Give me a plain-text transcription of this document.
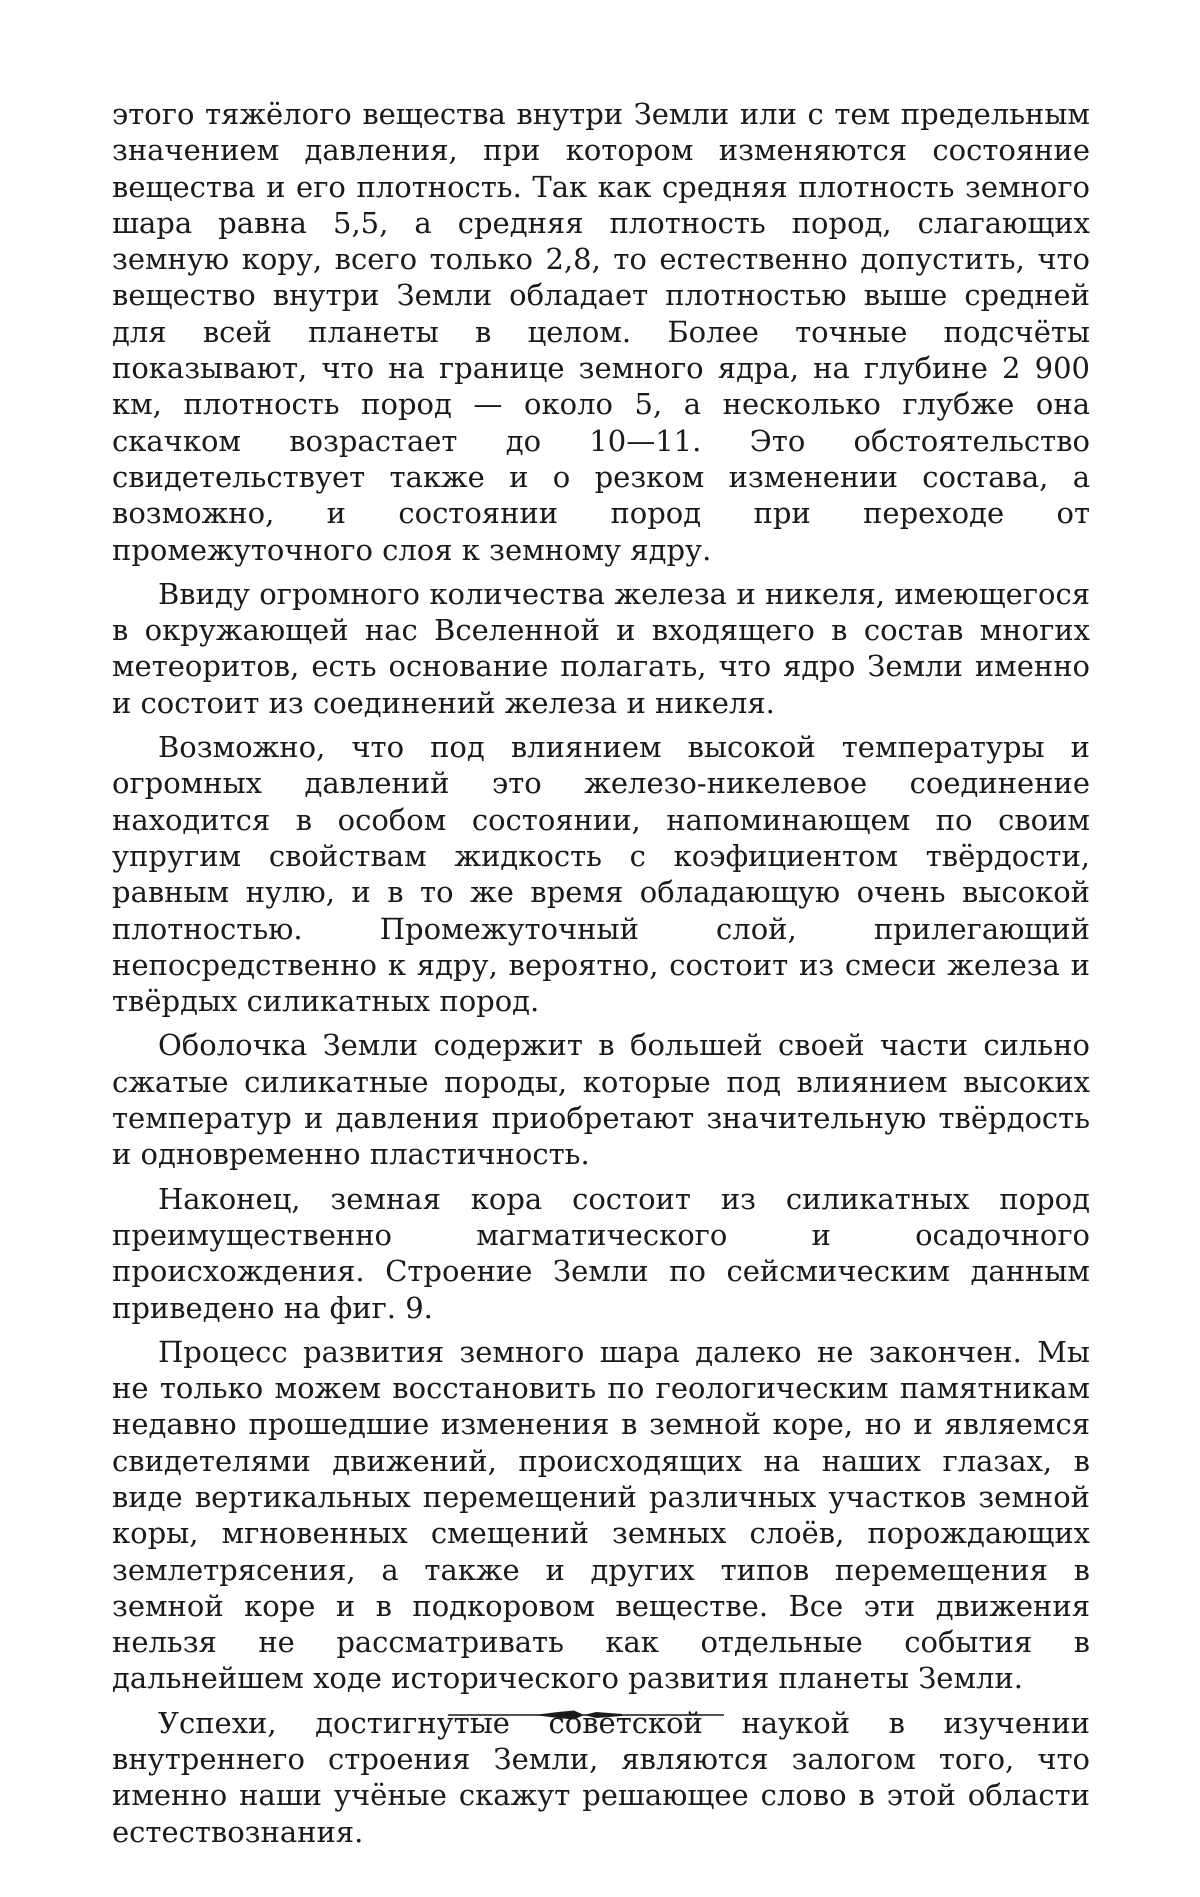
этого тяжёлого вещества внутри Земли или с тем предельным значением давления, при котором изменяются состояние вещества и его плотность. Так как средняя плотность земного шара равна 5,5, а средняя плотность пород, слагающих земную кору, всего только 2,8, то естественно допустить, что вещество внутри Земли обладает плотностью выше средней для всей планеты в целом. Более точные подсчёты показывают, что на границе земного ядра, на глубине 2 900 км, плотность пород — около 5, а несколько глубже она скачком возрастает до 10—11. Это обстоятельство свидетельствует также и о резком изменении состава, а возможно, и состоянии пород при переходе от промежуточного слоя к земному ядру.

Ввиду огромного количества железа и никеля, имеющегося в окружающей нас Вселенной и входящего в состав многих метеоритов, есть основание полагать, что ядро Земли именно и состоит из соединений железа и никеля.

Возможно, что под влиянием высокой температуры и огромных давлений это железо-никелевое соединение находится в особом состоянии, напоминающем по своим упругим свойствам жидкость с коэфициентом твёрдости, равным нулю, и в то же время обладающую очень высокой плотностью. Промежуточный слой, прилегающий непосредственно к ядру, вероятно, состоит из смеси железа и твёрдых силикатных пород.

Оболочка Земли содержит в большей своей части сильно сжатые силикатные породы, которые под влиянием высоких температур и давления приобретают значительную твёрдость и одновременно пластичность.

Наконец, земная кора состоит из силикатных пород преимущественно магматического и осадочного происхождения. Строение Земли по сейсмическим данным приведено на фиг. 9.

Процесс развития земного шара далеко не закончен. Мы не только можем восстановить по геологическим памятникам недавно прошедшие изменения в земной коре, но и являемся свидетелями движений, происходящих на наших глазах, в виде вертикальных перемещений различных участков земной коры, мгновенных смещений земных слоёв, порождающих землетрясения, а также и других типов перемещения в земной коре и в подкоровом веществе. Все эти движения нельзя не рассматривать как отдельные события в дальнейшем ходе исторического развития планеты Земли.

Успехи, достигнутые советской наукой в изучении внутреннего строения Земли, являются залогом того, что именно наши учёные скажут решающее слово в этой области естествознания.
